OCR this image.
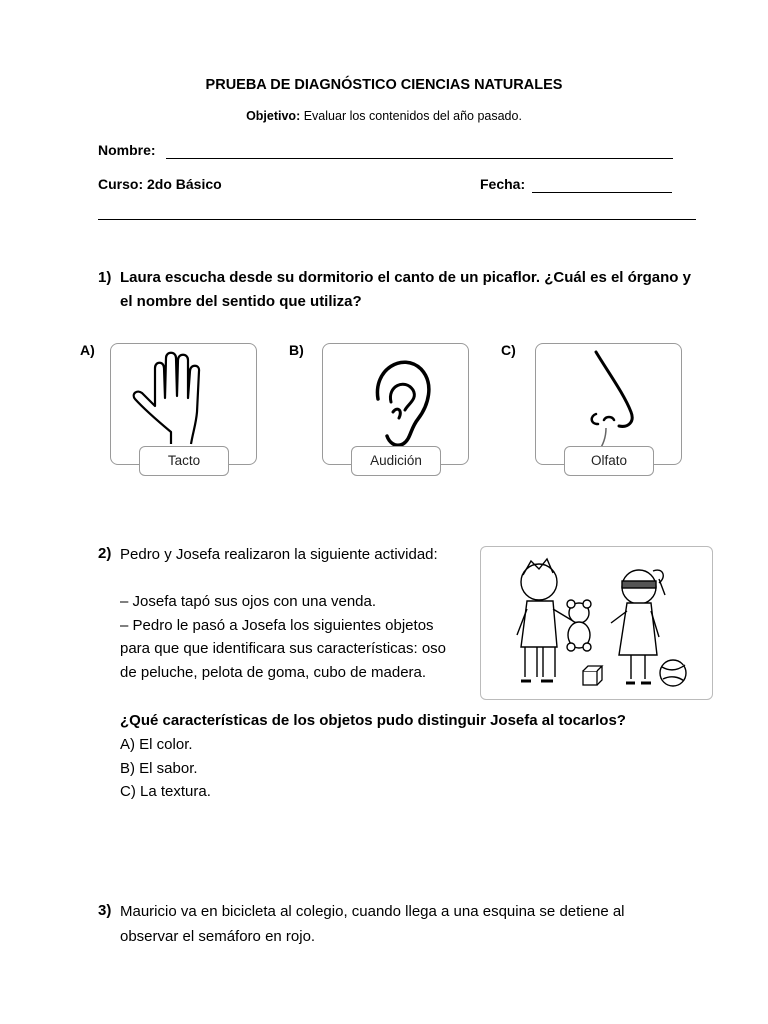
PRUEBA DE DIAGNÓSTICO CIENCIAS NATURALES
Objetivo: Evaluar los contenidos del año pasado.
Nombre:
Curso: 2do Básico	Fecha:
1) Laura escucha desde su dormitorio el canto de un picaflor. ¿Cuál es el órgano y el nombre del sentido que utiliza?
A)
Tacto
B)
Audición
C)
Olfato
2) Pedro y Josefa realizaron la siguiente actividad:
– Josefa tapó sus ojos con una venda.
– Pedro le pasó a Josefa los siguientes objetos
para que que identificara sus características: oso
de peluche, pelota de goma, cubo de madera.
¿Qué características de los objetos pudo distinguir Josefa al tocarlos?
A) El color.
B) El sabor.
C) La textura.
3) Mauricio va en bicicleta al colegio, cuando llega a una esquina se detiene al
observar el semáforo en rojo.
